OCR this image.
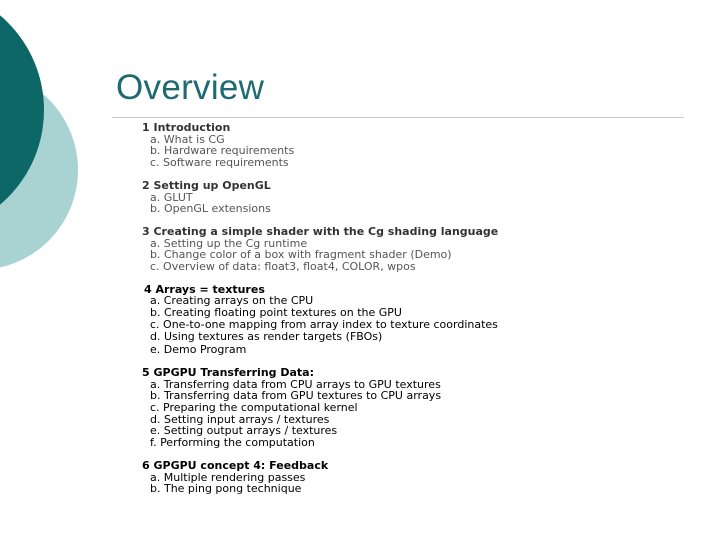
Overview
1 Introduction
a. What is CG
b. Hardware requirements
c. Software requirements
2 Setting up OpenGL
a. GLUT
b. OpenGL extensions
3 Creating a simple shader with the Cg shading language
a. Setting up the Cg runtime
b. Change color of a box with fragment shader (Demo)
c. Overview of data: float3, float4, COLOR, wpos
4 Arrays = textures
a. Creating arrays on the CPU
b. Creating floating point textures on the GPU
c. One-to-one mapping from array index to texture coordinates
d. Using textures as render targets (FBOs)
e. Demo Program
5 GPGPU Transferring Data:
a. Transferring data from CPU arrays to GPU textures
b. Transferring data from GPU textures to CPU arrays
c. Preparing the computational kernel
d. Setting input arrays / textures
e. Setting output arrays / textures
f. Performing the computation
6 GPGPU concept 4: Feedback
a. Multiple rendering passes
b. The ping pong technique
